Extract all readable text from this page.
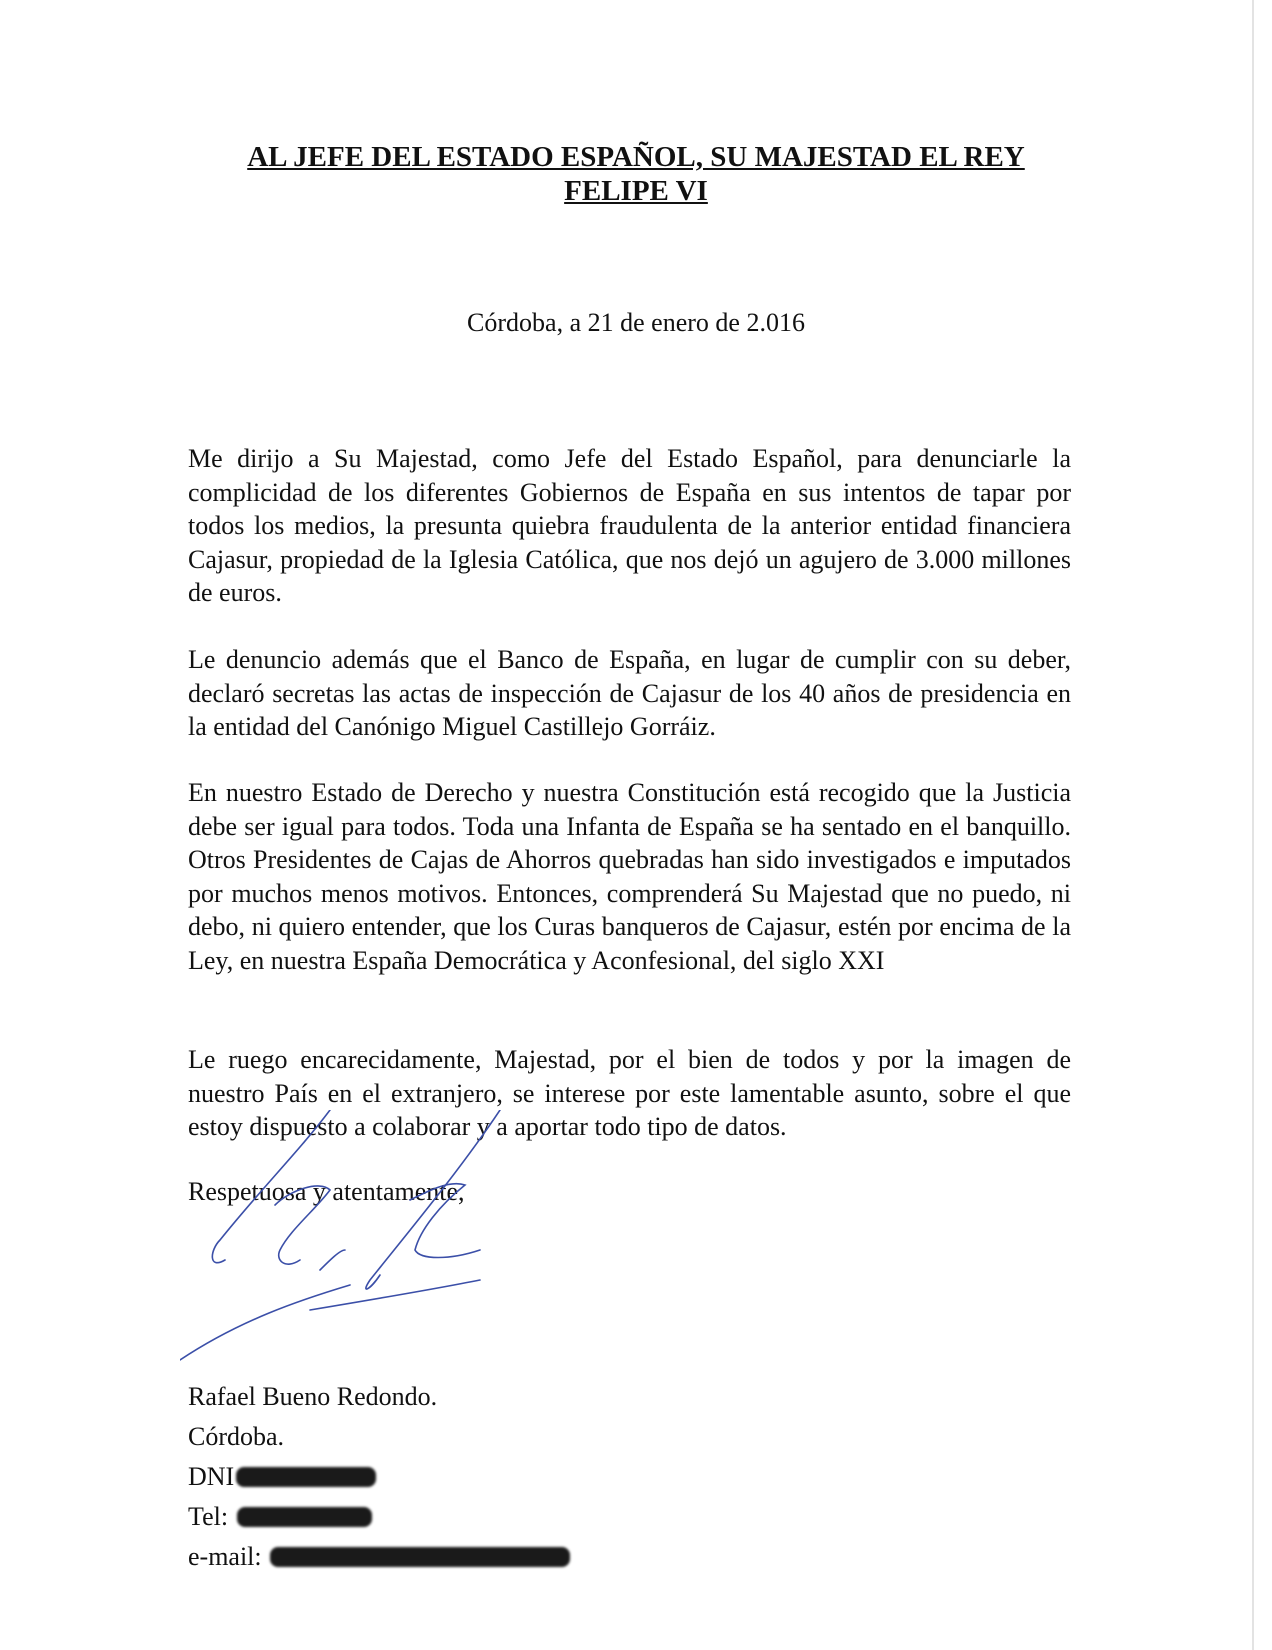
AL JEFE DEL ESTADO ESPAÑOL, SU MAJESTAD EL REY
FELIPE VI
Córdoba, a 21 de enero de 2.016
Me dirijo a Su Majestad, como Jefe del Estado Español, para denunciarle la complicidad de los diferentes Gobiernos de España en sus intentos de tapar por todos los medios, la presunta quiebra fraudulenta de la anterior entidad financiera Cajasur, propiedad de la Iglesia Católica, que nos dejó un agujero de 3.000 millones de euros.
Le denuncio además que el Banco de España, en lugar de cumplir con su deber, declaró secretas las actas de inspección de Cajasur de los 40 años de presidencia en la entidad del Canónigo Miguel Castillejo Gorráiz.
En nuestro Estado de Derecho y nuestra Constitución está recogido que la Justicia debe ser igual para todos. Toda una Infanta de España se ha sentado en el banquillo. Otros Presidentes de Cajas de Ahorros quebradas han sido investigados e imputados por muchos menos motivos. Entonces, comprenderá Su Majestad que no puedo, ni debo, ni quiero entender, que los Curas banqueros de Cajasur, estén por encima de la Ley, en nuestra España Democrática y Aconfesional, del siglo XXI
Le ruego encarecidamente, Majestad, por el bien de todos y por la imagen de nuestro País en el extranjero, se interese por este lamentable asunto, sobre el que estoy dispuesto a colaborar y a aportar todo tipo de datos.
Respetuosa y atentamente,
Rafael Bueno Redondo.
Córdoba.
DNI
Tel:
e-mail:
